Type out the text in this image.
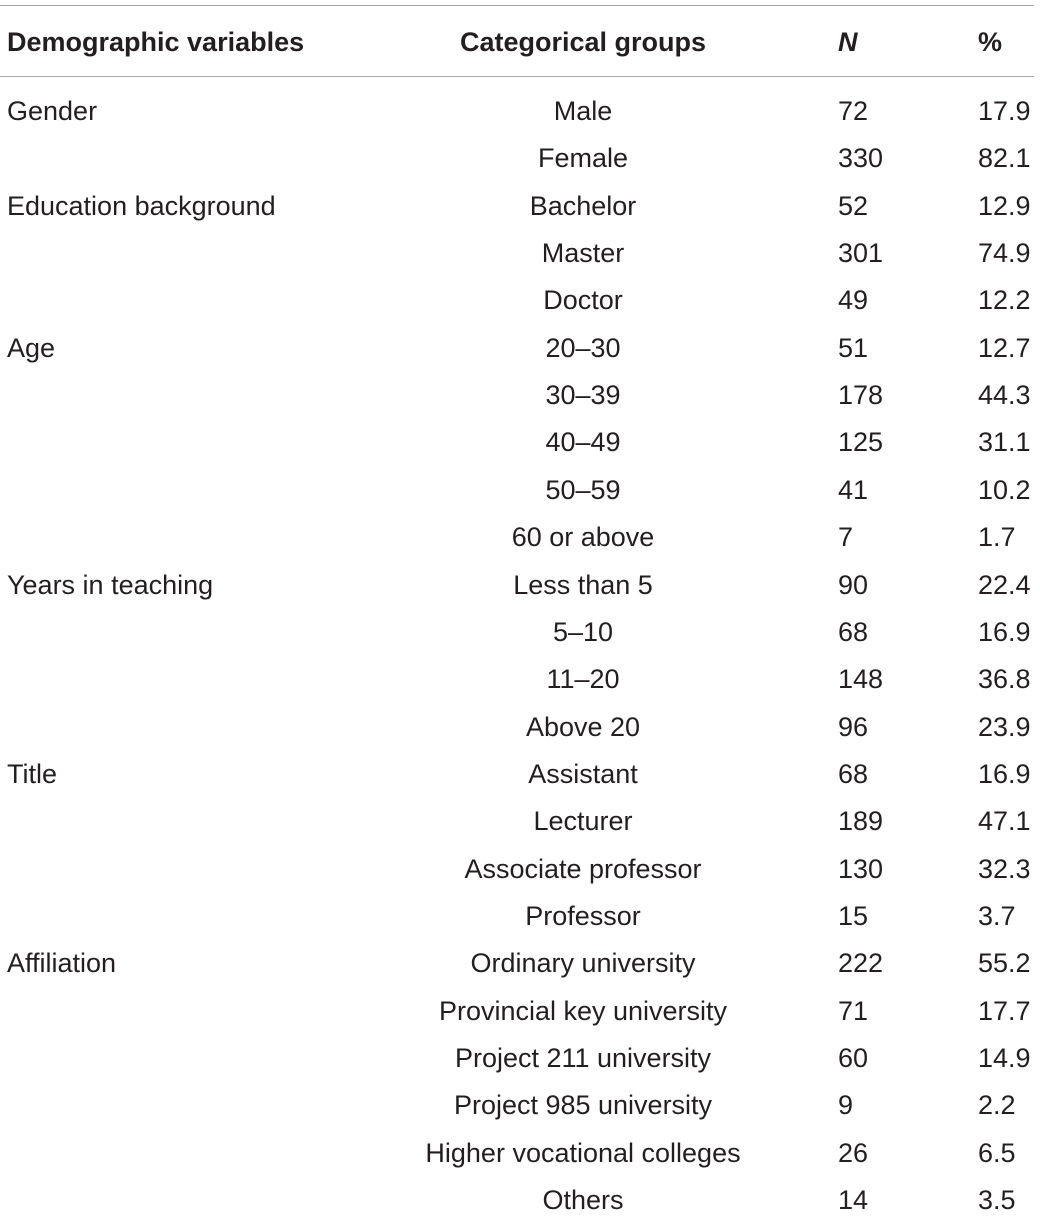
Demographic variables	Categorical groups	N	%
Gender	Male	72	17.9
Female	330	82.1
Education background	Bachelor	52	12.9
Master	301	74.9
Doctor	49	12.2
Age	20–30	51	12.7
30–39	178	44.3
40–49	125	31.1
50–59	41	10.2
60 or above	7	1.7
Years in teaching	Less than 5	90	22.4
5–10	68	16.9
11–20	148	36.8
Above 20	96	23.9
Title	Assistant	68	16.9
Lecturer	189	47.1
Associate professor	130	32.3
Professor	15	3.7
Affiliation	Ordinary university	222	55.2
Provincial key university	71	17.7
Project 211 university	60	14.9
Project 985 university	9	2.2
Higher vocational colleges	26	6.5
Others	14	3.5
